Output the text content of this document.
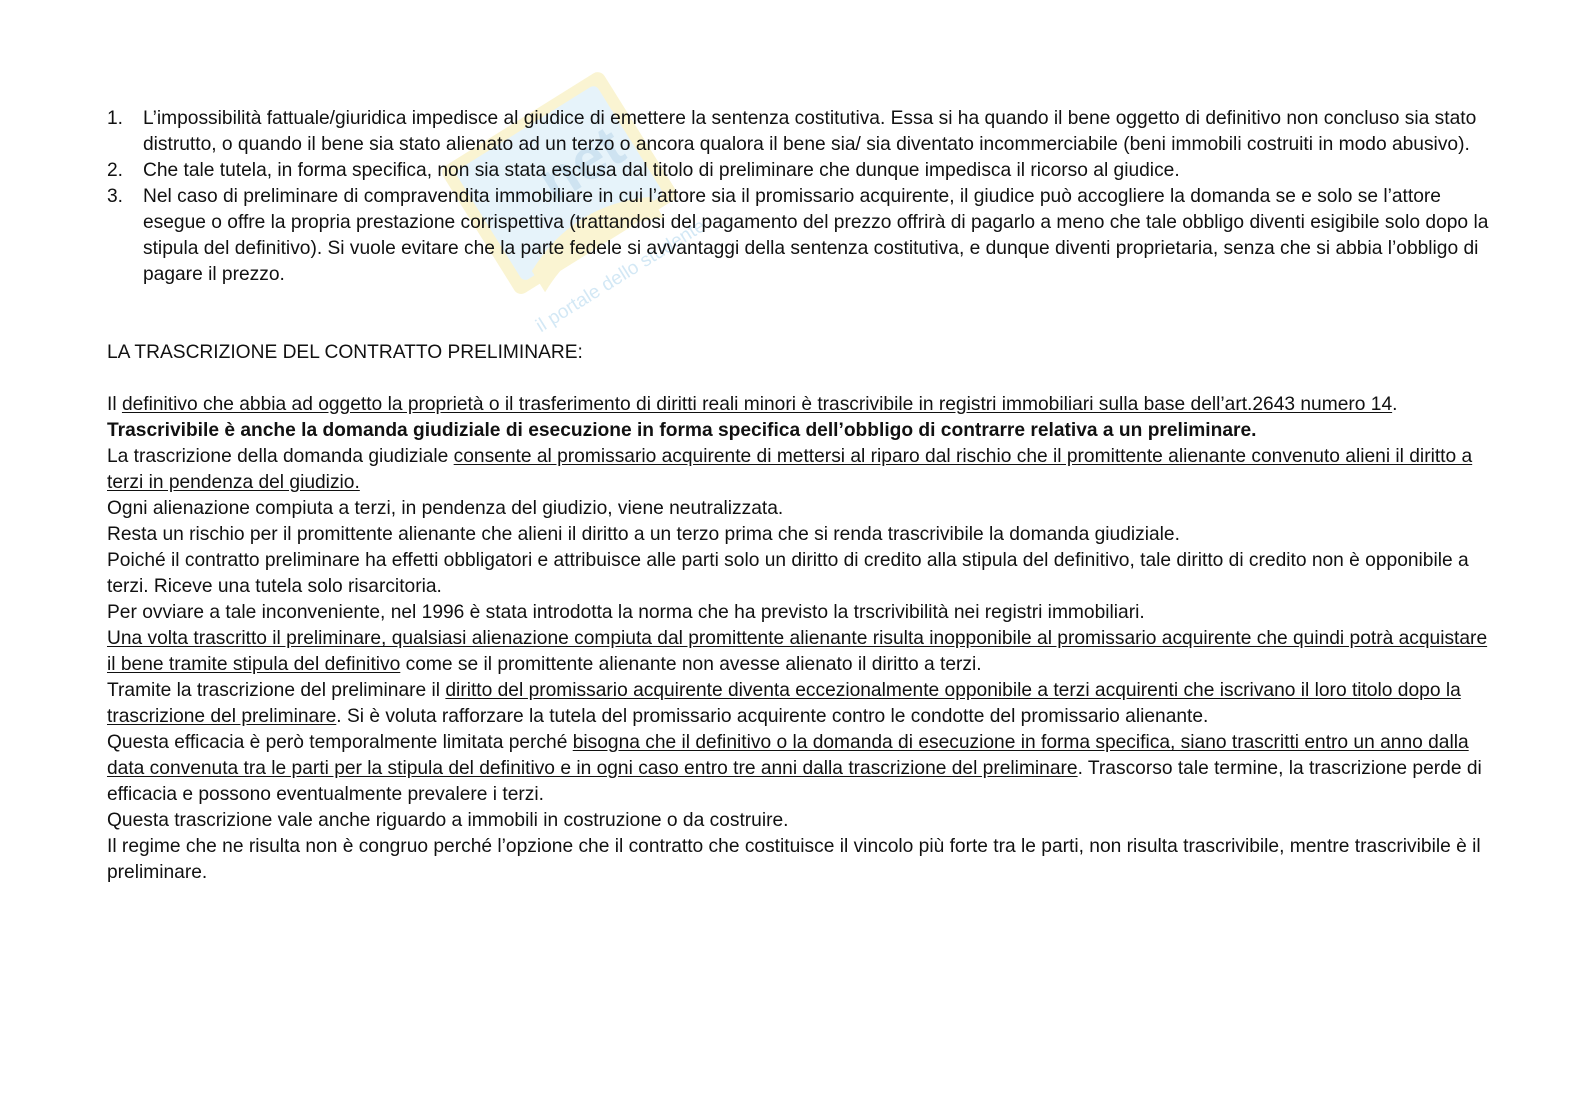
net
il portale dello studente
1. L’impossibilità fattuale/giuridica impedisce al giudice di emettere la sentenza costitutiva. Essa si ha quando il bene oggetto di definitivo non concluso sia stato distrutto, o quando il bene sia stato alienato ad un terzo o ancora qualora il bene sia/ sia diventato incommerciabile (beni immobili costruiti in modo abusivo).
2. Che tale tutela, in forma specifica, non sia stata esclusa dal titolo di preliminare che dunque impedisca il ricorso al giudice.
3. Nel caso di preliminare di compravendita immobiliare in cui l’attore sia il promissario acquirente, il giudice può accogliere la domanda se e solo se l’attore esegue o offre la propria prestazione corrispettiva (trattandosi del pagamento del prezzo offrirà di pagarlo a meno che tale obbligo diventi esigibile solo dopo la stipula del definitivo). Si vuole evitare che la parte fedele si avvantaggi della sentenza costitutiva, e dunque diventi proprietaria, senza che si abbia l’obbligo di pagare il prezzo.

LA TRASCRIZIONE DEL CONTRATTO PRELIMINARE:

Il definitivo che abbia ad oggetto la proprietà o il trasferimento di diritti reali minori è trascrivibile in registri immobiliari sulla base dell’art.2643 numero 14.

Trascrivibile è anche la domanda giudiziale di esecuzione in forma specifica dell’obbligo di contrarre relativa a un preliminare.

La trascrizione della domanda giudiziale consente al promissario acquirente di mettersi al riparo dal rischio che il promittente alienante convenuto alieni il diritto a terzi in pendenza del giudizio.

Ogni alienazione compiuta a terzi, in pendenza del giudizio, viene neutralizzata.

Resta un rischio per il promittente alienante che alieni il diritto a un terzo prima che si renda trascrivibile la domanda giudiziale.

Poiché il contratto preliminare ha effetti obbligatori e attribuisce alle parti solo un diritto di credito alla stipula del definitivo, tale diritto di credito non è opponibile a terzi. Riceve una tutela solo risarcitoria.

Per ovviare a tale inconveniente, nel 1996 è stata introdotta la norma che ha previsto la trscrivibilità nei registri immobiliari.

Una volta trascritto il preliminare, qualsiasi alienazione compiuta dal promittente alienante risulta inopponibile al promissario acquirente che quindi potrà acquistare il bene tramite stipula del definitivo come se il promittente alienante non avesse alienato il diritto a terzi.

Tramite la trascrizione del preliminare il diritto del promissario acquirente diventa eccezionalmente opponibile a terzi acquirenti che iscrivano il loro titolo dopo la trascrizione del preliminare. Si è voluta rafforzare la tutela del promissario acquirente contro le condotte del promissario alienante.

Questa efficacia è però temporalmente limitata perché bisogna che il definitivo o la domanda di esecuzione in forma specifica, siano trascritti entro un anno dalla data convenuta tra le parti per la stipula del definitivo e in ogni caso entro tre anni dalla trascrizione del preliminare. Trascorso tale termine, la trascrizione perde di efficacia e possono eventualmente prevalere i terzi.

Questa trascrizione vale anche riguardo a immobili in costruzione o da costruire.

Il regime che ne risulta non è congruo perché l’opzione che il contratto che costituisce il vincolo più forte tra le parti, non risulta trascrivibile, mentre trascrivibile è il preliminare.
